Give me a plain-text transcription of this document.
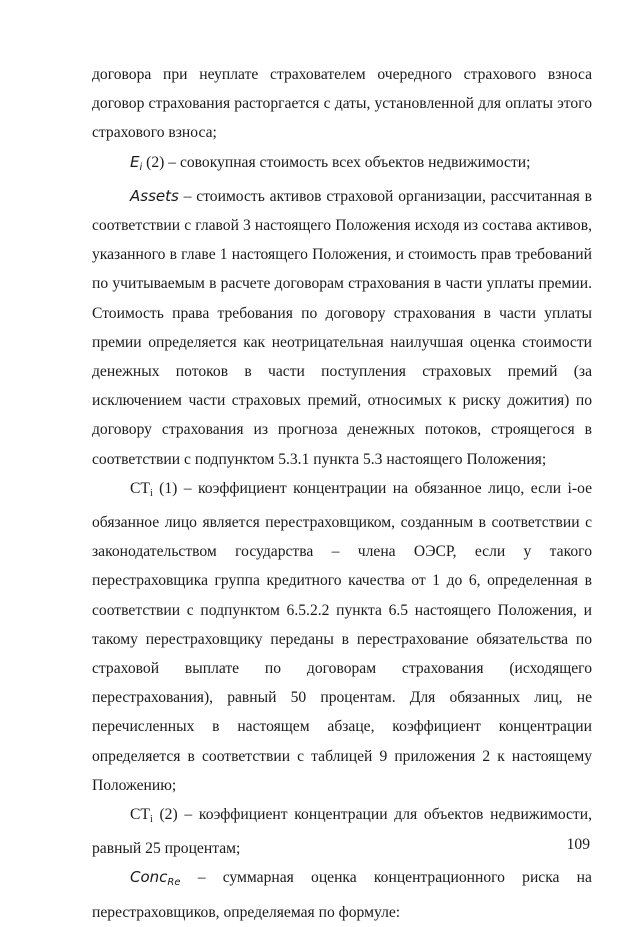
договора при неуплате страхователем очередного страхового взноса договор страхования расторгается с даты, установленной для оплаты этого страхового взноса;

$E_i$ (2) – совокупная стоимость всех объектов недвижимости;

Assets – стоимость активов страховой организации, рассчитанная в соответствии с главой 3 настоящего Положения исходя из состава активов, указанного в главе 1 настоящего Положения, и стоимость прав требований по учитываемым в расчете договорам страхования в части уплаты премии. Стоимость права требования по договору страхования в части уплаты премии определяется как неотрицательная наилучшая оценка стоимости денежных потоков в части поступления страховых премий (за исключением части страховых премий, относимых к риску дожития) по договору страхования из прогноза денежных потоков, строящегося в соответствии с подпунктом 5.3.1 пункта 5.3 настоящего Положения;

$CT_i$ (1) – коэффициент концентрации на обязанное лицо, если i-ое обязанное лицо является перестраховщиком, созданным в соответствии с законодательством государства – члена ОЭСР, если у такого перестраховщика группа кредитного качества от 1 до 6, определенная в соответствии с подпунктом 6.5.2.2 пункта 6.5 настоящего Положения, и такому перестраховщику переданы в перестрахование обязательства по страховой выплате по договорам страхования (исходящего перестрахования), равный 50 процентам. Для обязанных лиц, не перечисленных в настоящем абзаце, коэффициент концентрации определяется в соответствии с таблицей 9 приложения 2 к настоящему Положению;

$CT_i$ (2) – коэффициент концентрации для объектов недвижимости, равный 25 процентам;

Conc$_{Re}$ – суммарная оценка концентрационного риска на
перестраховщиков, определяемая по формуле:
109
